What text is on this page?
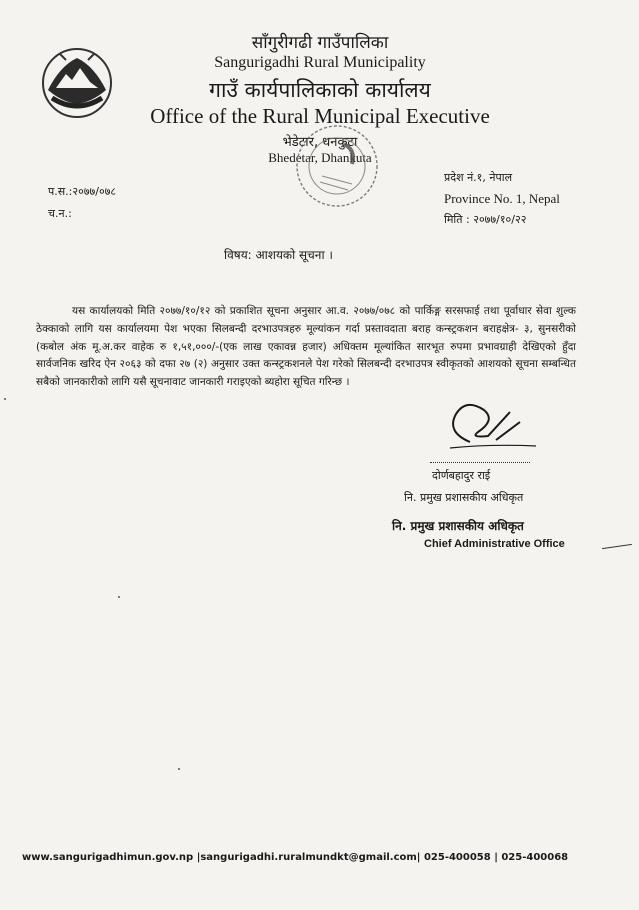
साँगुरीगढी गाउँपालिका
Sangurigadhi Rural Municipality
गाउँ कार्यपालिकाको कार्यालय
Office of the Rural Municipal Executive
भेडेटार, धनकुटा
Bhedetar, Dhankuta
प.स.:२०७७/०७८
च.न.:
प्रदेश नं.१, नेपाल
Province No. 1, Nepal
मिति : २०७७/१०/२२
विषय: आशयको सूचना ।
यस कार्यालयको मिति २०७७/१०/१२ को प्रकाशित सूचना अनुसार आ.व. २०७७/०७८ को पार्किङ्ग सरसफाई तथा पूर्वाधार सेवा शुल्क ठेक्काको लागि यस कार्यालयमा पेश भएका सिलबन्दी दरभाउपत्रहरु मूल्यांकन गर्दा प्रस्तावदाता बराह कन्स्ट्रकशन बराहक्षेत्र- ३, सुनसरीको (कबोल अंक मू.अ.कर वाहेक रु १,५१,०००/-(एक लाख एकावन्न हजार) अधिक्तम मूल्यांकित सारभूत रुपमा प्रभावग्राही देखिएको हुँदा सार्वजनिक खरिद ऐन २०६३ को दफा २७ (२) अनुसार उक्त कन्स्ट्रकशनले पेश गरेको सिलबन्दी दरभाउपत्र स्वीकृतको आशयको सूचना सम्बन्धित सबैको जानकारीको लागि यसै सूचनावाट जानकारी गराइएको ब्यहोरा सूचित गरिन्छ ।
दोर्णबहादुर राई
नि. प्रमुख प्रशासकीय अधिकृत
नि. प्रमुख प्रशासकीय अधिकृत
Chief Administrative Office
www.sangurigadhimun.gov.np |sangurigadhi.ruralmundkt@gmail.com| 025-400058 | 025-400068
